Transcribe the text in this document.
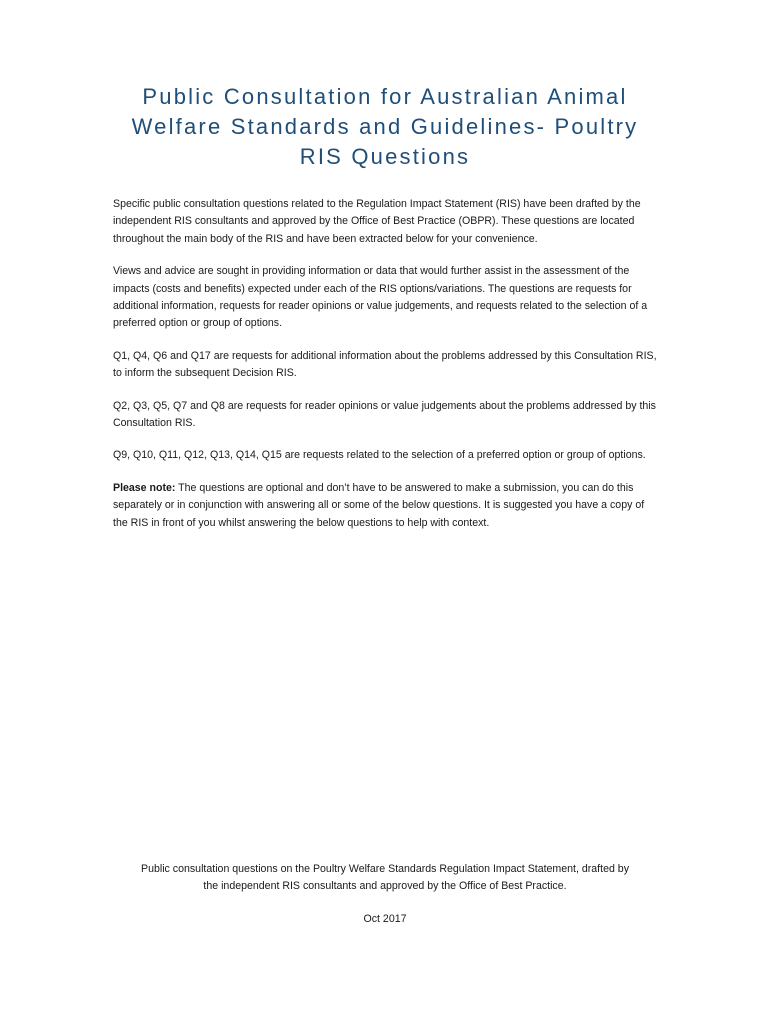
Public Consultation for Australian Animal
Welfare Standards and Guidelines- Poultry
RIS Questions

Specific public consultation questions related to the Regulation Impact Statement (RIS) have been drafted by the independent RIS consultants and approved by the Office of Best Practice (OBPR). These questions are located throughout the main body of the RIS and have been extracted below for your convenience.

Views and advice are sought in providing information or data that would further assist in the assessment of the impacts (costs and benefits) expected under each of the RIS options/variations. The questions are requests for additional information, requests for reader opinions or value judgements, and requests related to the selection of a preferred option or group of options.

Q1, Q4, Q6 and Q17 are requests for additional information about the problems addressed by this Consultation RIS, to inform the subsequent Decision RIS.

Q2, Q3, Q5, Q7 and Q8 are requests for reader opinions or value judgements about the problems addressed by this Consultation RIS.

Q9, Q10, Q11, Q12, Q13, Q14, Q15 are requests related to the selection of a preferred option or group of options.

Please note: The questions are optional and don’t have to be answered to make a submission, you can do this separately or in conjunction with answering all or some of the below questions. It is suggested you have a copy of the RIS in front of you whilst answering the below questions to help with context.

Public consultation questions on the Poultry Welfare Standards Regulation Impact Statement, drafted by

the independent RIS consultants and approved by the Office of Best Practice.

Oct 2017
